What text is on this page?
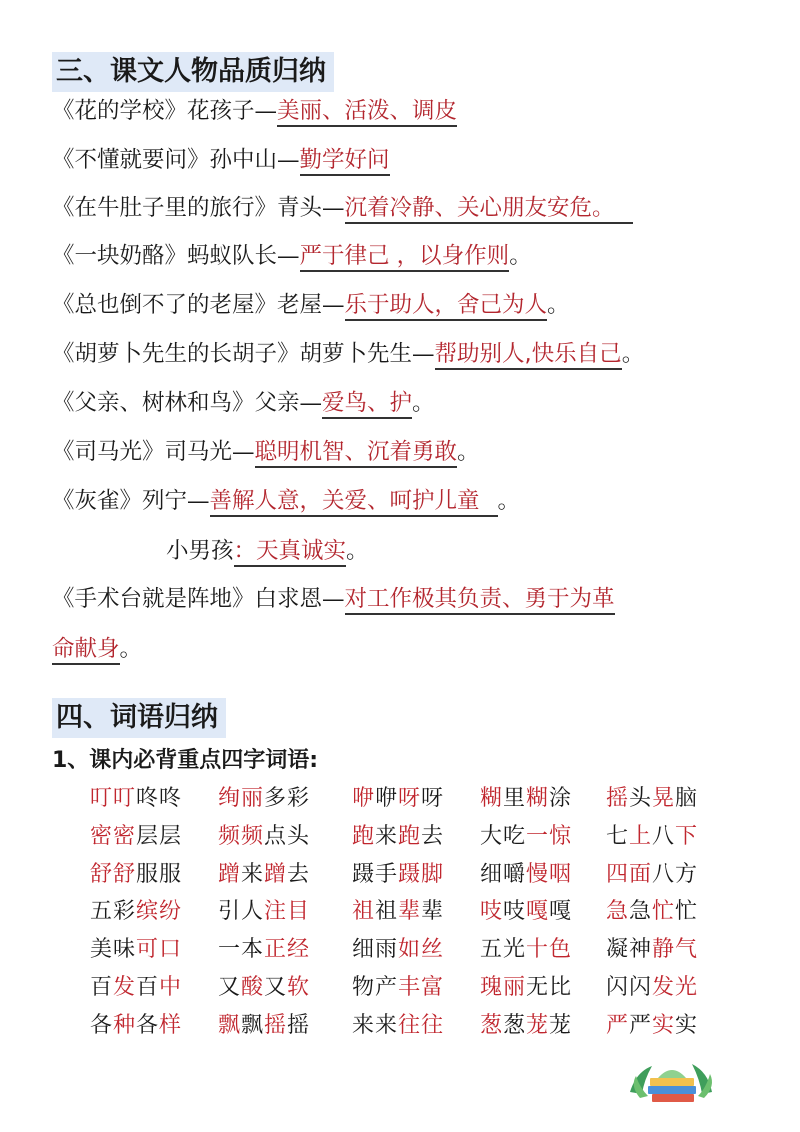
三、课文人物品质归纳
《花的学校》花孩子—美丽、活泼、调皮
《不懂就要问》孙中山—勤学好问
《在牛肚子里的旅行》青头—沉着冷静、关心朋友安危。
《一块奶酪》蚂蚁队长—严于律己 ，以身作则。
《总也倒不了的老屋》老屋—乐于助人，舍己为人。
《胡萝卜先生的长胡子》胡萝卜先生—帮助别人,快乐自己。
《父亲、树林和鸟》父亲—爱鸟、护。
《司马光》司马光—聪明机智、沉着勇敢。
《灰雀》列宁—善解人意，关爱、呵护儿童 。
小男孩：天真诚实。
《手术台就是阵地》白求恩—对工作极其负责、勇于为革
命献身。
四、词语归纳
1、课内必背重点四字词语:
叮叮咚咚	绚丽多彩	咿咿呀呀	糊里糊涂	摇头晃脑
密密层层	频频点头	跑来跑去	大吃一惊	七上八下
舒舒服服	蹭来蹭去	蹑手蹑脚	细嚼慢咽	四面八方
五彩缤纷	引人注目	祖祖辈辈	吱吱嘎嘎	急急忙忙
美味可口	一本正经	细雨如丝	五光十色	凝神静气
百发百中	又酸又软	物产丰富	瑰丽无比	闪闪发光
各种各样	飘飘摇摇	来来往往	葱葱茏茏	严严实实
